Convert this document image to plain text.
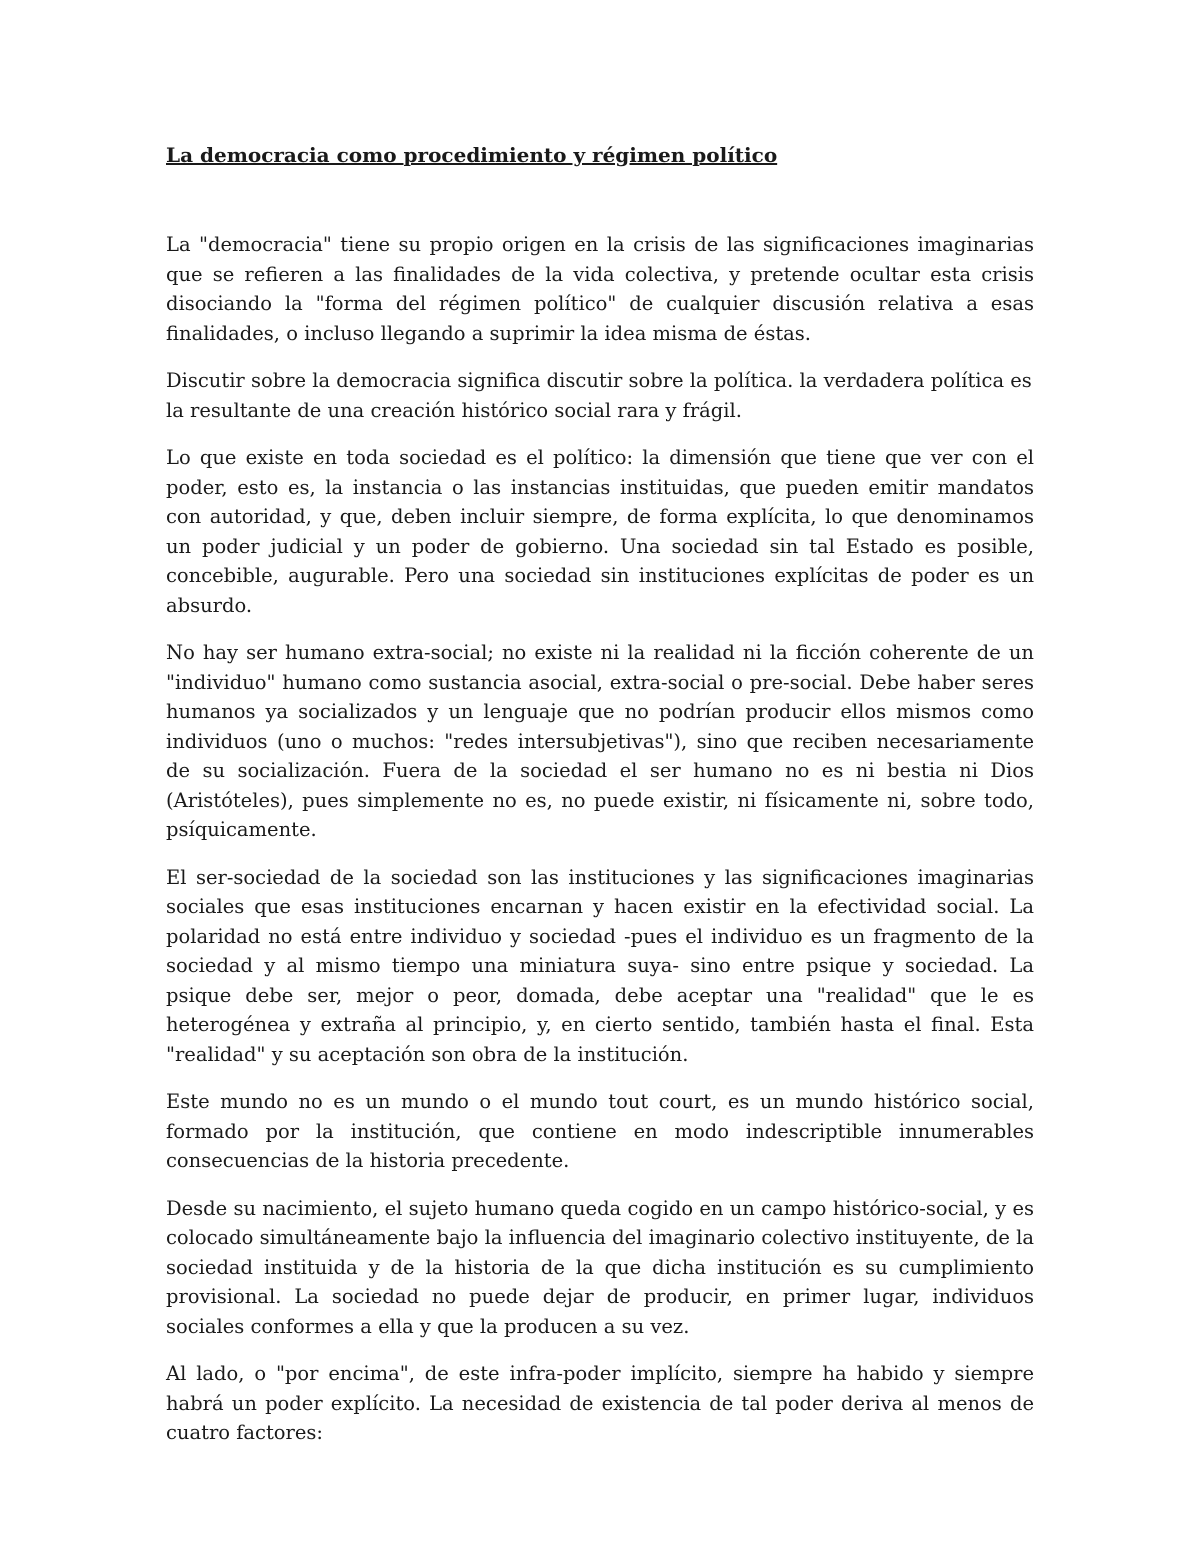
La democracia como procedimiento y régimen político

La "democracia" tiene su propio origen en la crisis de las significaciones imaginarias que se refieren a las finalidades de la vida colectiva, y pretende ocultar esta crisis disociando la "forma del régimen político" de cualquier discusión relativa a esas finalidades, o incluso llegando a suprimir la idea misma de éstas.

Discutir sobre la democracia significa discutir sobre la política. la verdadera política es la resultante de una creación histórico social rara y frágil.

Lo que existe en toda sociedad es el político: la dimensión que tiene que ver con el poder, esto es, la instancia o las instancias instituidas, que pueden emitir mandatos con autoridad, y que, deben incluir siempre, de forma explícita, lo que denominamos un poder judicial y un poder de gobierno. Una sociedad sin tal Estado es posible, concebible, augurable. Pero una sociedad sin instituciones explícitas de poder es un absurdo.

No hay ser humano extra-social; no existe ni la realidad ni la ficción coherente de un "individuo" humano como sustancia asocial, extra-social o pre-social. Debe haber seres humanos ya socializados y un lenguaje que no podrían producir ellos mismos como individuos (uno o muchos: "redes intersubjetivas"), sino que reciben necesariamente de su socialización. Fuera de la sociedad el ser humano no es ni bestia ni Dios (Aristóteles), pues simplemente no es, no puede existir, ni físicamente ni, sobre todo, psíquicamente.

El ser-sociedad de la sociedad son las instituciones y las significaciones imaginarias sociales que esas instituciones encarnan y hacen existir en la efectividad social. La polaridad no está entre individuo y sociedad -pues el individuo es un fragmento de la sociedad y al mismo tiempo una miniatura suya- sino entre psique y sociedad. La psique debe ser, mejor o peor, domada, debe aceptar una "realidad" que le es heterogénea y extraña al principio, y, en cierto sentido, también hasta el final. Esta "realidad" y su aceptación son obra de la institución.

Este mundo no es un mundo o el mundo tout court, es un mundo histórico social, formado por la institución, que contiene en modo indescriptible innumerables consecuencias de la historia precedente.

Desde su nacimiento, el sujeto humano queda cogido en un campo histórico-social, y es colocado simultáneamente bajo la influencia del imaginario colectivo instituyente, de la sociedad instituida y de la historia de la que dicha institución es su cumplimiento provisional. La sociedad no puede dejar de producir, en primer lugar, individuos sociales conformes a ella y que la producen a su vez.

Al lado, o "por encima", de este infra-poder implícito, siempre ha habido y siempre habrá un poder explícito. La necesidad de existencia de tal poder deriva al menos de cuatro factores:
